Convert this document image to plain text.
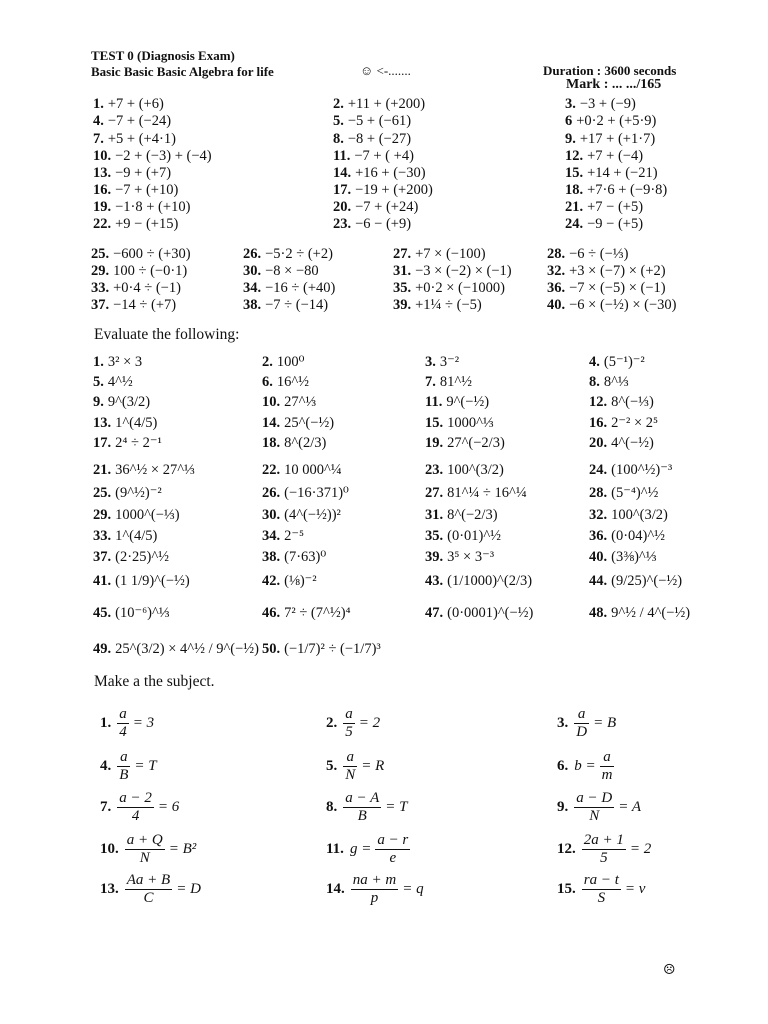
TEST 0 (Diagnosis Exam)
Basic Basic Basic Algebra for life	☺ <-.......	Duration : 3600 seconds
Mark : ... .../165
1. +7 + (+6)	2. +11 + (+200)	3. −3 + (−9)
4. −7 + (−24)	5. −5 + (−61)	6 +0·2 + (+5·9)
7. +5 + (+4·1)	8. −8 + (−27)	9. +17 + (+1·7)
10. −2 + (−3) + (−4)	11. −7 + ( +4)	12. +7 + (−4)
13. −9 + (+7)	14. +16 + (−30)	15. +14 + (−21)
16. −7 + (+10)	17. −19 + (+200)	18. +7·6 + (−9·8)
19. −1·8 + (+10)	20. −7 + (+24)	21. +7 − (+5)
22. +9 − (+15)	23. −6 − (+9)	24. −9 − (+5)
25. −600 ÷ (+30)	26. −5·2 ÷ (+2)	27. +7 × (−100)	28. −6 ÷ (−⅓)
29. 100 ÷ (−0·1)	30. −8 × −80	31. −3 × (−2) × (−1) 32. +3 × (−7) × (+2)
33. +0·4 ÷ (−1)	34. −16 ÷ (+40)	35. +0·2 × (−1000)	36. −7 × (−5) × (−1)
37. −14 ÷ (+7)	38. −7 ÷ (−14)	39. +1¼ ÷ (−5)	40. −6 × (−½) × (−30)
Evaluate the following:
1. 3² × 3	2. 100⁰	3. 3⁻²	4. (5⁻¹)⁻²
5. 4^½	6. 16^½	7. 81^½	8. 8^⅓
9. 9^(3/2)	10. 27^⅓	11. 9^(−½)	12. 8^(−⅓)
13. 1^(4/5)	14. 25^(−½)	15. 1000^⅓	16. 2⁻² × 2⁵
17. 2⁴ ÷ 2⁻¹	18. 8^(2/3)	19. 27^(−2/3)	20. 4^(−½)
21. 36^½ × 27^⅓	22. 10 000^¼	23. 100^(3/2)	24. (100^½)⁻³
25. (9^½)⁻²	26. (−16·371)⁰	27. 81^¼ ÷ 16^¼	28. (5⁻⁴)^½
29. 1000^(−⅓)	30. (4^(−½))²	31. 8^(−2/3)	32. 100^(3/2)
33. 1^(4/5)	34. 2⁻⁵	35. (0·01)^½	36. (0·04)^½
37. (2·25)^½	38. (7·63)⁰	39. 3⁵ × 3⁻³	40. (3⅜)^⅓
41. (1 1/9)^(−½)	42. (⅛)⁻²	43. (1/1000)^(2/3)	44. (9/25)^(−½)
45. (10⁻⁶)^⅓	46. 7² ÷ (7^½)⁴	47. (0·0001)^(−½)	48. 9^½ / 4^(−½)
49. 25^(3/2) × 4^½ / 9^(−½) 50. (−1/7)² ÷ (−1/7)³
Make a the subject.
1. $\frac{a}{4} = 3$	2. $\frac{a}{5} = 2$	3. $\frac{a}{D} = B$
4. $\frac{a}{B} = T$	5. $\frac{a}{N} = R$	6. $b = \frac{a}{m}$
7. $\frac{a - 2}{4} = 6$	8. $\frac{a - A}{B} = T$	9. $\frac{a - D}{N} = A$
10. $\frac{a + Q}{N} = B^2$	11. $g = \frac{a - r}{e}$	12. $\frac{2a + 1}{5} = 2$
13. $\frac{Aa + B}{C} = D$	14. $\frac{na + m}{p} = q$	15. $\frac{ra - t}{S} = v$
☹
